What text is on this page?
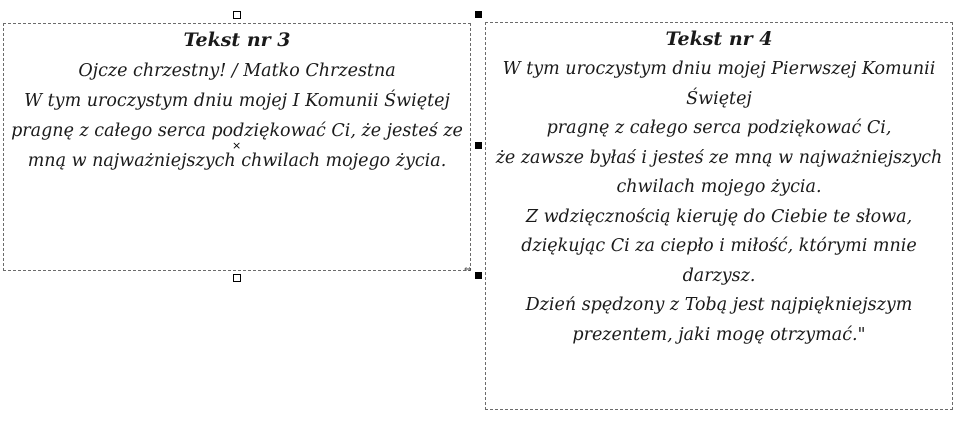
Tekst nr 3
Ojcze chrzestny! / Matko Chrzestna
W tym uroczystym dniu mojej I Komunii Świętej
pragnę z całego serca podziękować Ci, że jesteś ze
mną w najważniejszych chwilach mojego życia.
Tekst nr 4
W tym uroczystym dniu mojej Pierwszej Komunii
Świętej
pragnę z całego serca podziękować Ci,
że zawsze byłaś i jesteś ze mną w najważniejszych
chwilach mojego życia.
Z wdzięcznością kieruję do Ciebie te słowa,
dziękując Ci za ciepło i miłość, którymi mnie
darzysz.
Dzień spędzony z Tobą jest najpiękniejszym
prezentem, jaki mogę otrzymać."
×
⇔
